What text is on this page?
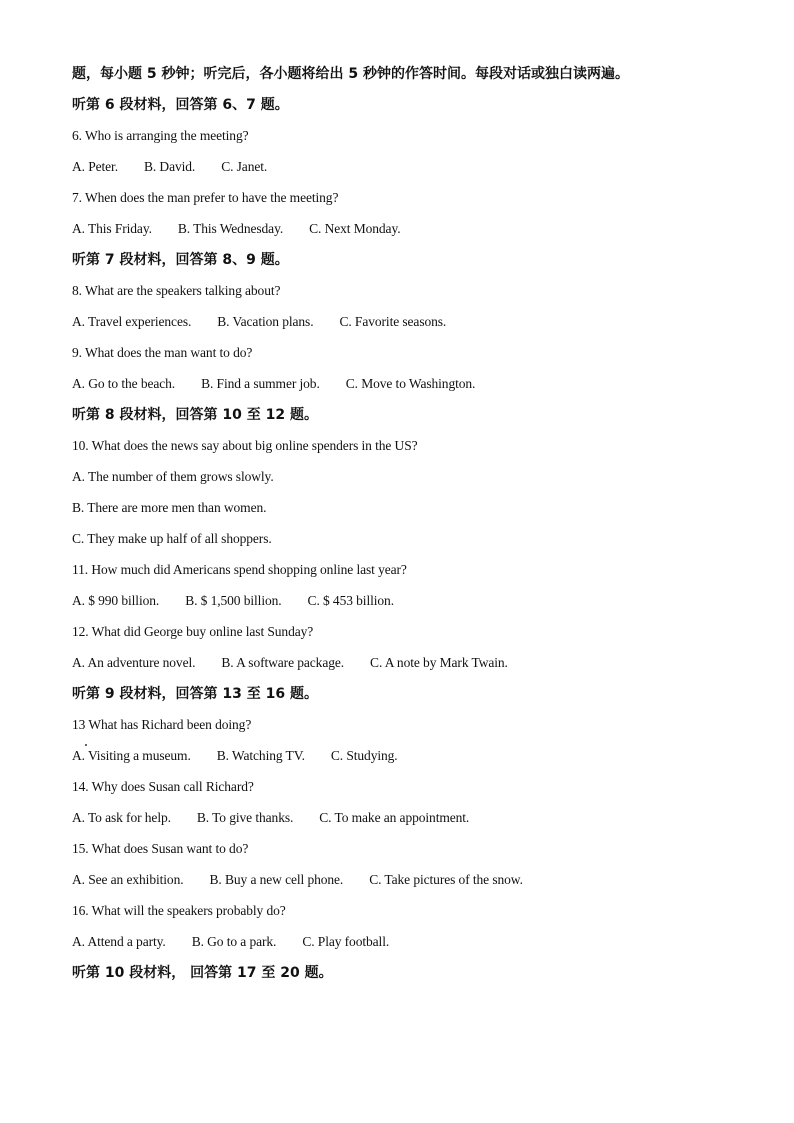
题，每小题 5 秒钟；听完后，各小题将给出 5 秒钟的作答时间。每段对话或独白读两遍。

听第 6 段材料，回答第 6、7 题。

6. Who is arranging the meeting?

A. Peter. B. David. C. Janet.

7. When does the man prefer to have the meeting?

A. This Friday. B. This Wednesday. C. Next Monday.

听第 7 段材料，回答第 8、9 题。

8. What are the speakers talking about?

A. Travel experiences. B. Vacation plans. C. Favorite seasons.

9. What does the man want to do?

A. Go to the beach. B. Find a summer job. C. Move to Washington.

听第 8 段材料，回答第 10 至 12 题。

10. What does the news say about big online spenders in the US?

A. The number of them grows slowly.

B. There are more men than women.

C. They make up half of all shoppers.

11. How much did Americans spend shopping online last year?

A. $ 990 billion. B. $ 1,500 billion. C. $ 453 billion.

12. What did George buy online last Sunday?

A. An adventure novel. B. A software package. C. A note by Mark Twain.

听第 9 段材料，回答第 13 至 16 题。

13 What has Richard been doing?

A. Visiting a museum. B. Watching TV. C. Studying.

14. Why does Susan call Richard?

A. To ask for help. B. To give thanks. C. To make an appointment.

15. What does Susan want to do?

A. See an exhibition. B. Buy a new cell phone. C. Take pictures of the snow.

16. What will the speakers probably do?

A. Attend a party. B. Go to a park. C. Play football.

听第 10 段材料， 回答第 17 至 20 题。
